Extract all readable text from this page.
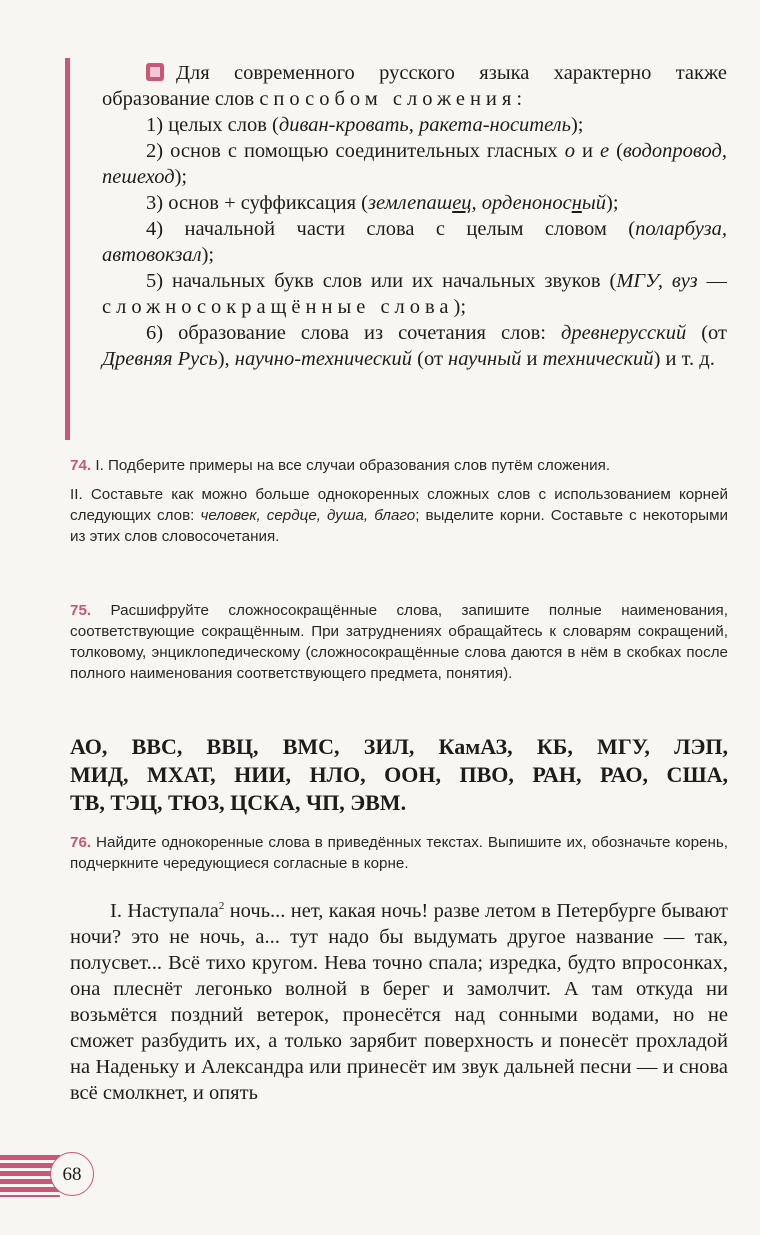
Для современного русского языка характерно также образование слов способом сложения:

1) целых слов (диван-кровать, ракета-носитель);

2) основ с помощью соединительных гласных о и е (водопровод, пешеход);

3) основ + суффиксация (землепашец, орденоносный);

4) начальной части слова с целым словом (поларбуза, автовокзал);

5) начальных букв слов или их начальных звуков (МГУ, вуз — сложносокращённые слова);

6) образование слова из сочетания слов: древнерусский (от Древняя Русь), научно-технический (от научный и технический) и т. д.

74. I. Подберите примеры на все случаи образования слов путём сложения.

II. Составьте как можно больше однокоренных сложных слов с использованием корней следующих слов: человек, сердце, душа, благо; выделите корни. Составьте с некоторыми из этих слов словосочетания.

75. Расшифруйте сложносокращённые слова, запишите полные наименования, соответствующие сокращённым. При затруднениях обращайтесь к словарям сокращений, толковому, энциклопедическому (сложносокращённые слова даются в нём в скобках после полного наименования соответствующего предмета, понятия).

АО, ВВС, ВВЦ, ВМС, ЗИЛ, КамАЗ, КБ, МГУ, ЛЭП,
МИД, МХАТ, НИИ, НЛО, ООН, ПВО, РАН, РАО, США,
ТВ, ТЭЦ, ТЮЗ, ЦСКА, ЧП, ЭВМ.

76. Найдите однокоренные слова в приведённых текстах. Выпишите их, обозначьте корень, подчеркните чередующиеся согласные в корне.

I. Наступала$^2$ ночь... нет, какая ночь! разве летом в Петербурге бывают ночи? это не ночь, а... тут надо бы выдумать другое название — так, полусвет... Всё тихо кругом. Нева точно спала; изредка, будто впросонках, она плеснёт легонько волной в берег и замолчит. А там откуда ни возьмётся поздний ветерок, пронесётся над сонными водами, но не сможет разбудить их, а только зарябит поверхность и понесёт прохладой на Наденьку и Александра или принесёт им звук дальней песни — и снова всё смолкнет, и опять

68
